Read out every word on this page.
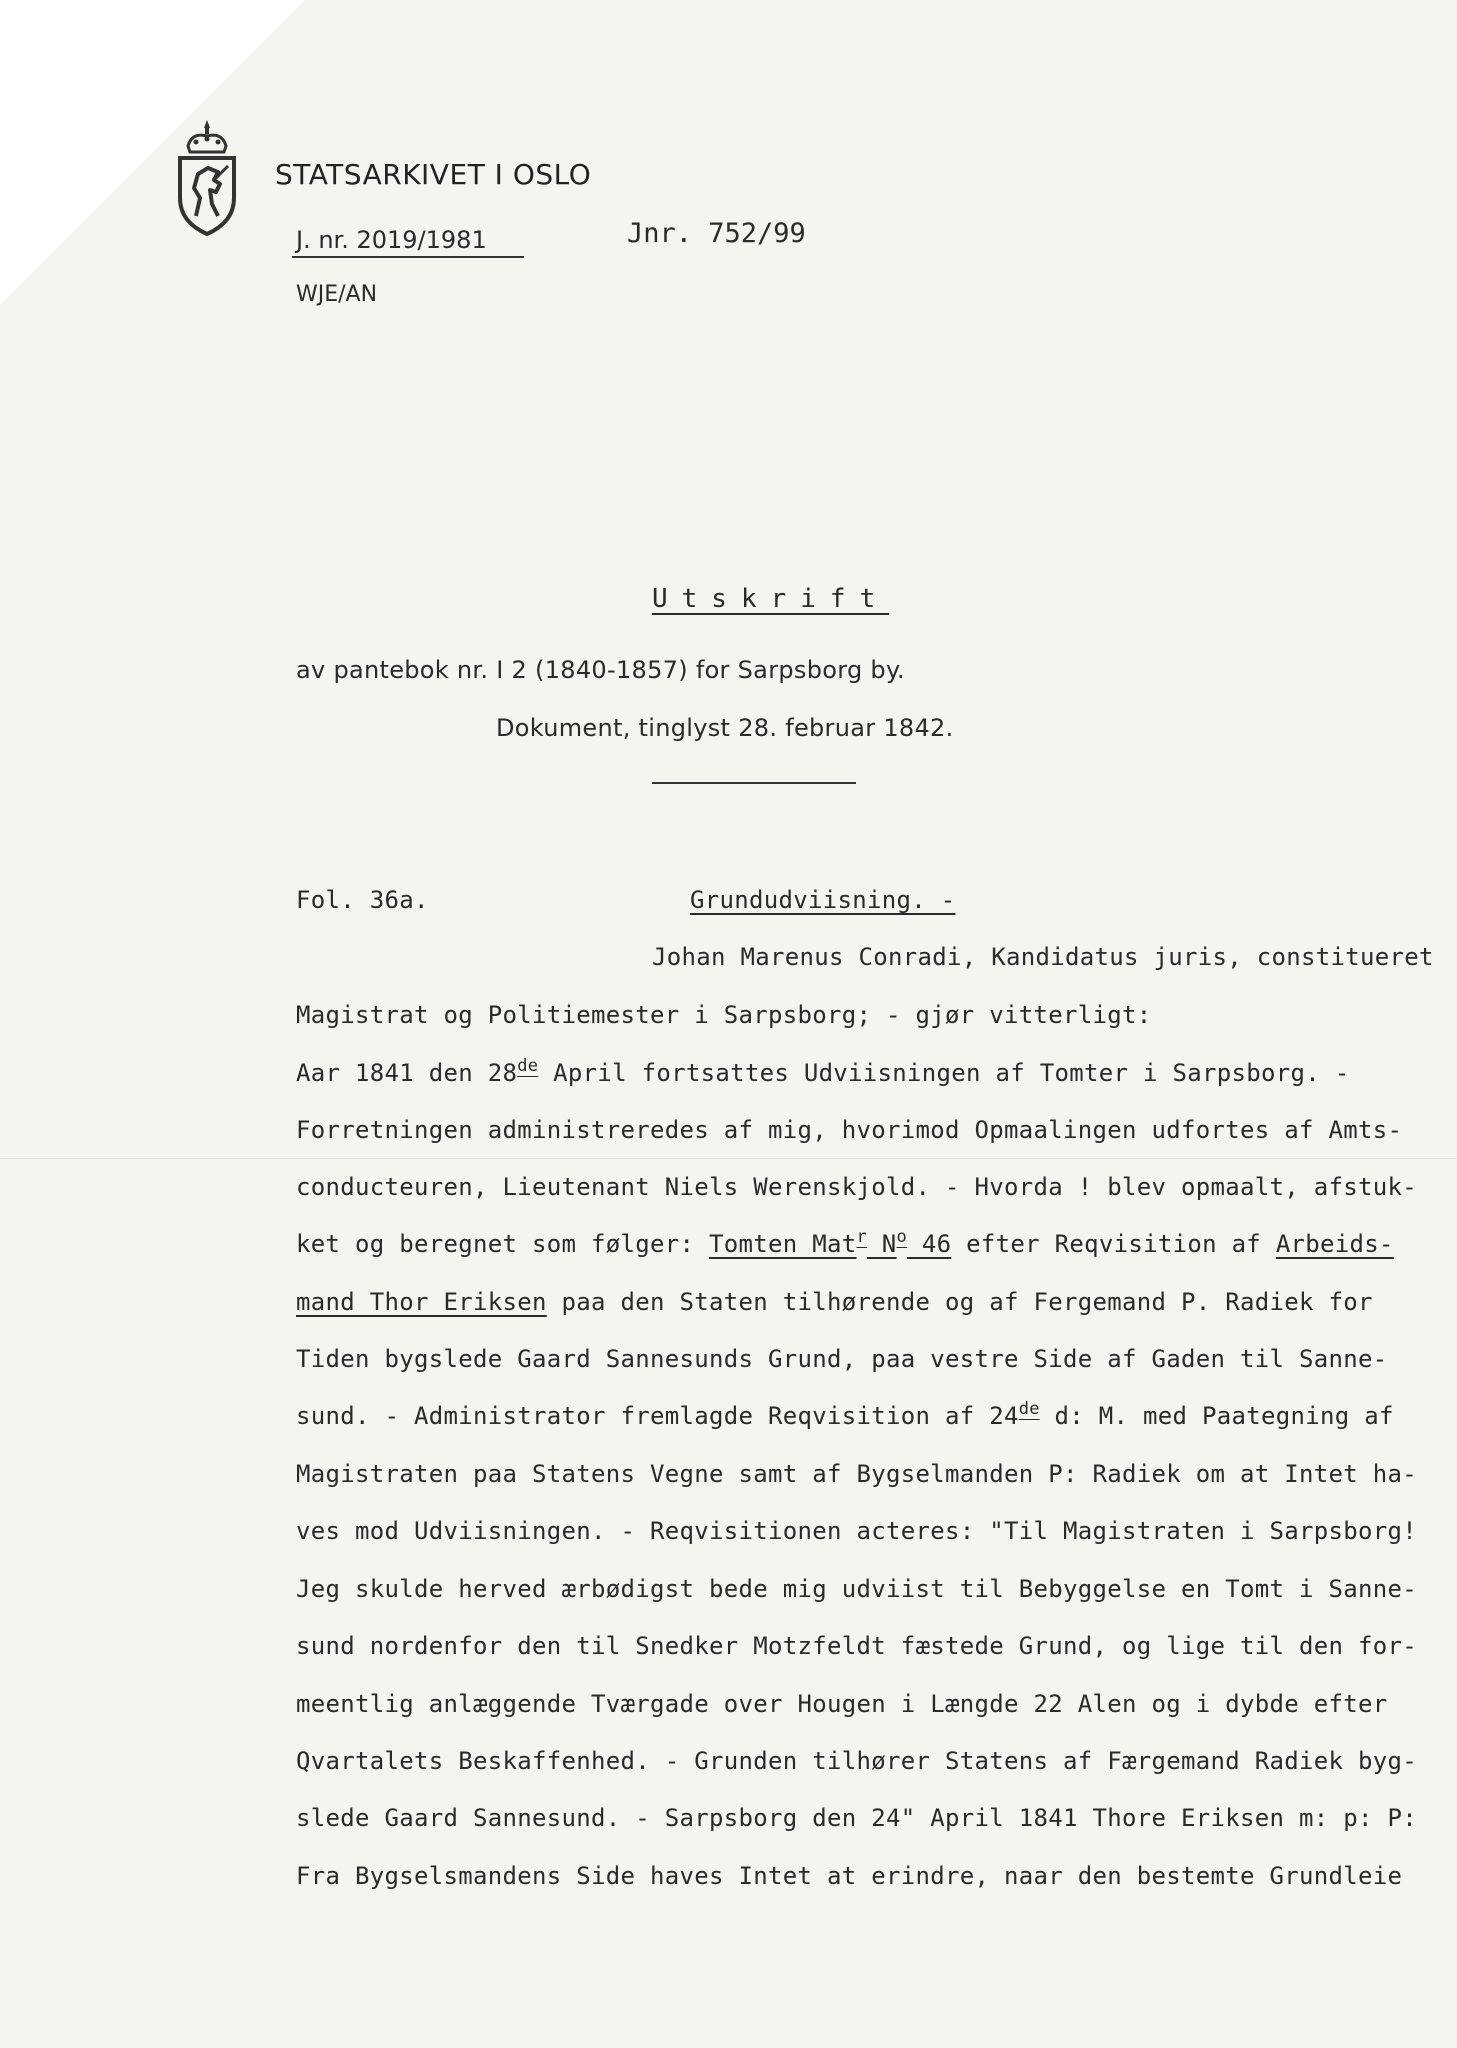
STATSARKIVET I OSLO
J. nr. 2019/1981	Jnr. 752/99
WJE/AN
Utskrift
av pantebok nr. I 2 (1840-1857) for Sarpsborg by.
Dokument, tinglyst 28. februar 1842.
Fol. 36a.	Grundudviisning. -
Johan Marenus Conradi, Kandidatus juris, constitueret
Magistrat og Politiemester i Sarpsborg; - gjør vitterligt:
Aar 1841 den 28de April fortsattes Udviisningen af Tomter i Sarpsborg. -
Forretningen administreredes af mig, hvorimod Opmaalingen udfortes af Amts-
conducteuren, Lieutenant Niels Werenskjold. - Hvorda ! blev opmaalt, afstuk-
ket og beregnet som følger: Tomten Mat$^r$ $N^o$ 46 efter Reqvisition af Arbeids-
mand Thor Eriksen paa den Staten tilhørende og af Fergemand P. Radiek for
Tiden bygslede Gaard Sannesunds Grund, paa vestre Side af Gaden til Sanne-
sund. - Administrator fremlagde Reqvisition af 24de d: M. med Paategning af
Magistraten paa Statens Vegne samt af Bygselmanden P: Radiek om at Intet ha-
ves mod Udviisningen. - Reqvisitionen acteres: "Til Magistraten i Sarpsborg!
Jeg skulde herved ærbødigst bede mig udviist til Bebyggelse en Tomt i Sanne-
sund nordenfor den til Snedker Motzfeldt fæstede Grund, og lige til den for-
meentlig anlæggende Tværgade over Hougen i Længde 22 Alen og i dybde efter
Qvartalets Beskaffenhed. - Grunden tilhører Statens af Færgemand Radiek byg-
slede Gaard Sannesund. - Sarpsborg den 24" April 1841 Thore Eriksen m: p: P:
Fra Bygselsmandens Side haves Intet at erindre, naar den bestemte Grundleie
